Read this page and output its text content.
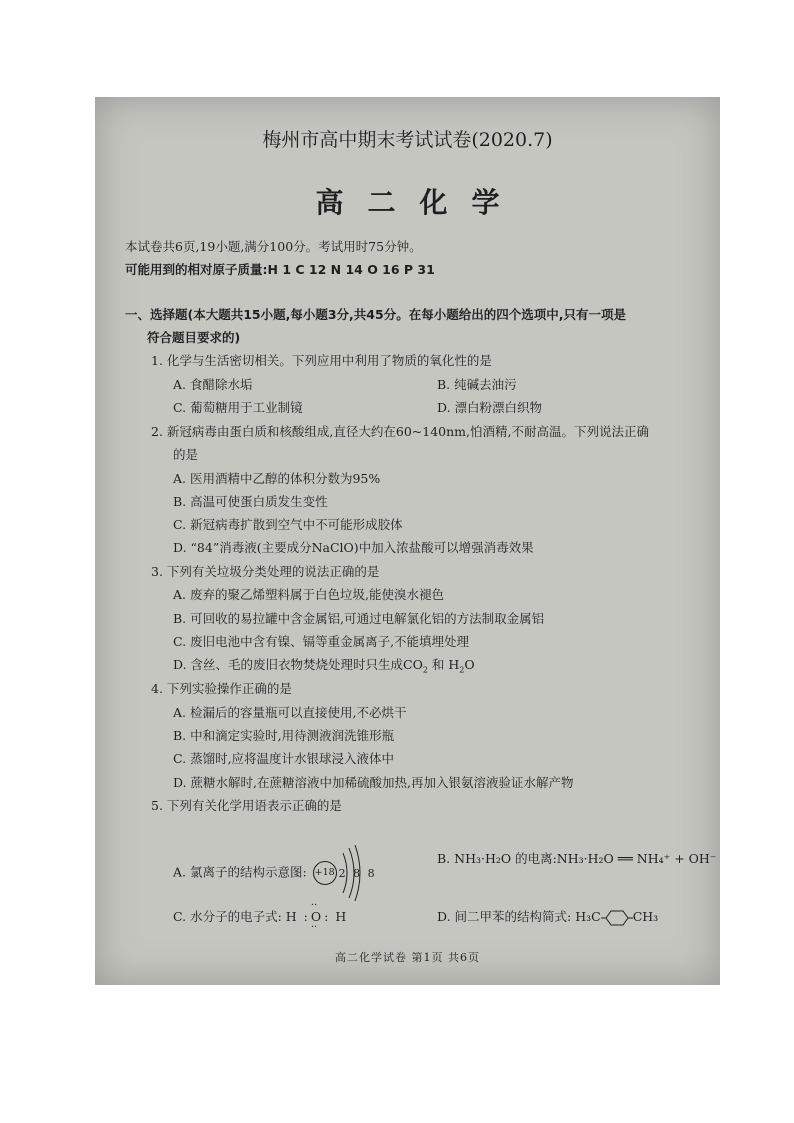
梅州市高中期末考试试卷(2020.7)
高二化学
本试卷共6页,19小题,满分100分。考试用时75分钟。
可能用到的相对原子质量:H 1 C 12 N 14 O 16 P 31
一、选择题(本大题共15小题,每小题3分,共45分。在每小题给出的四个选项中,只有一项是
符合题目要求的)
1. 化学与生活密切相关。下列应用中利用了物质的氧化性的是
A. 食醋除水垢	B. 纯碱去油污
C. 葡萄糖用于工业制镜	D. 漂白粉漂白织物
2. 新冠病毒由蛋白质和核酸组成,直径大约在60~140nm,怕酒精,不耐高温。下列说法正确
的是
A. 医用酒精中乙醇的体积分数为95%
B. 高温可使蛋白质发生变性
C. 新冠病毒扩散到空气中不可能形成胶体
D. “84”消毒液(主要成分NaClO)中加入浓盐酸可以增强消毒效果
3. 下列有关垃圾分类处理的说法正确的是
A. 废弃的聚乙烯塑料属于白色垃圾,能使溴水褪色
B. 可回收的易拉罐中含金属铝,可通过电解氯化铝的方法制取金属铝
C. 废旧电池中含有镍、镉等重金属离子,不能填埋处理
D. 含丝、毛的废旧衣物焚烧处理时只生成$CO_2$ 和 $H_2O$
4. 下列实验操作正确的是
A. 检漏后的容量瓶可以直接使用,不必烘干
B. 中和滴定实验时,用待测液润洗锥形瓶
C. 蒸馏时,应将温度计水银球浸入液体中
D. 蔗糖水解时,在蔗糖溶液中加稀硫酸加热,再加入银氨溶液验证水解产物
5. 下列有关化学用语表示正确的是
A. 氯离子的结构示意图: +18 2 8 8
B. NH₃·H₂O 的电离:NH₃·H₂O ══ NH₄⁺ + OH⁻
C. 水分子的电子式: H :·· O ·· : H	D. 间二甲苯的结构简式: H₃C	CH₃
高二化学试卷 第1页 共6页
